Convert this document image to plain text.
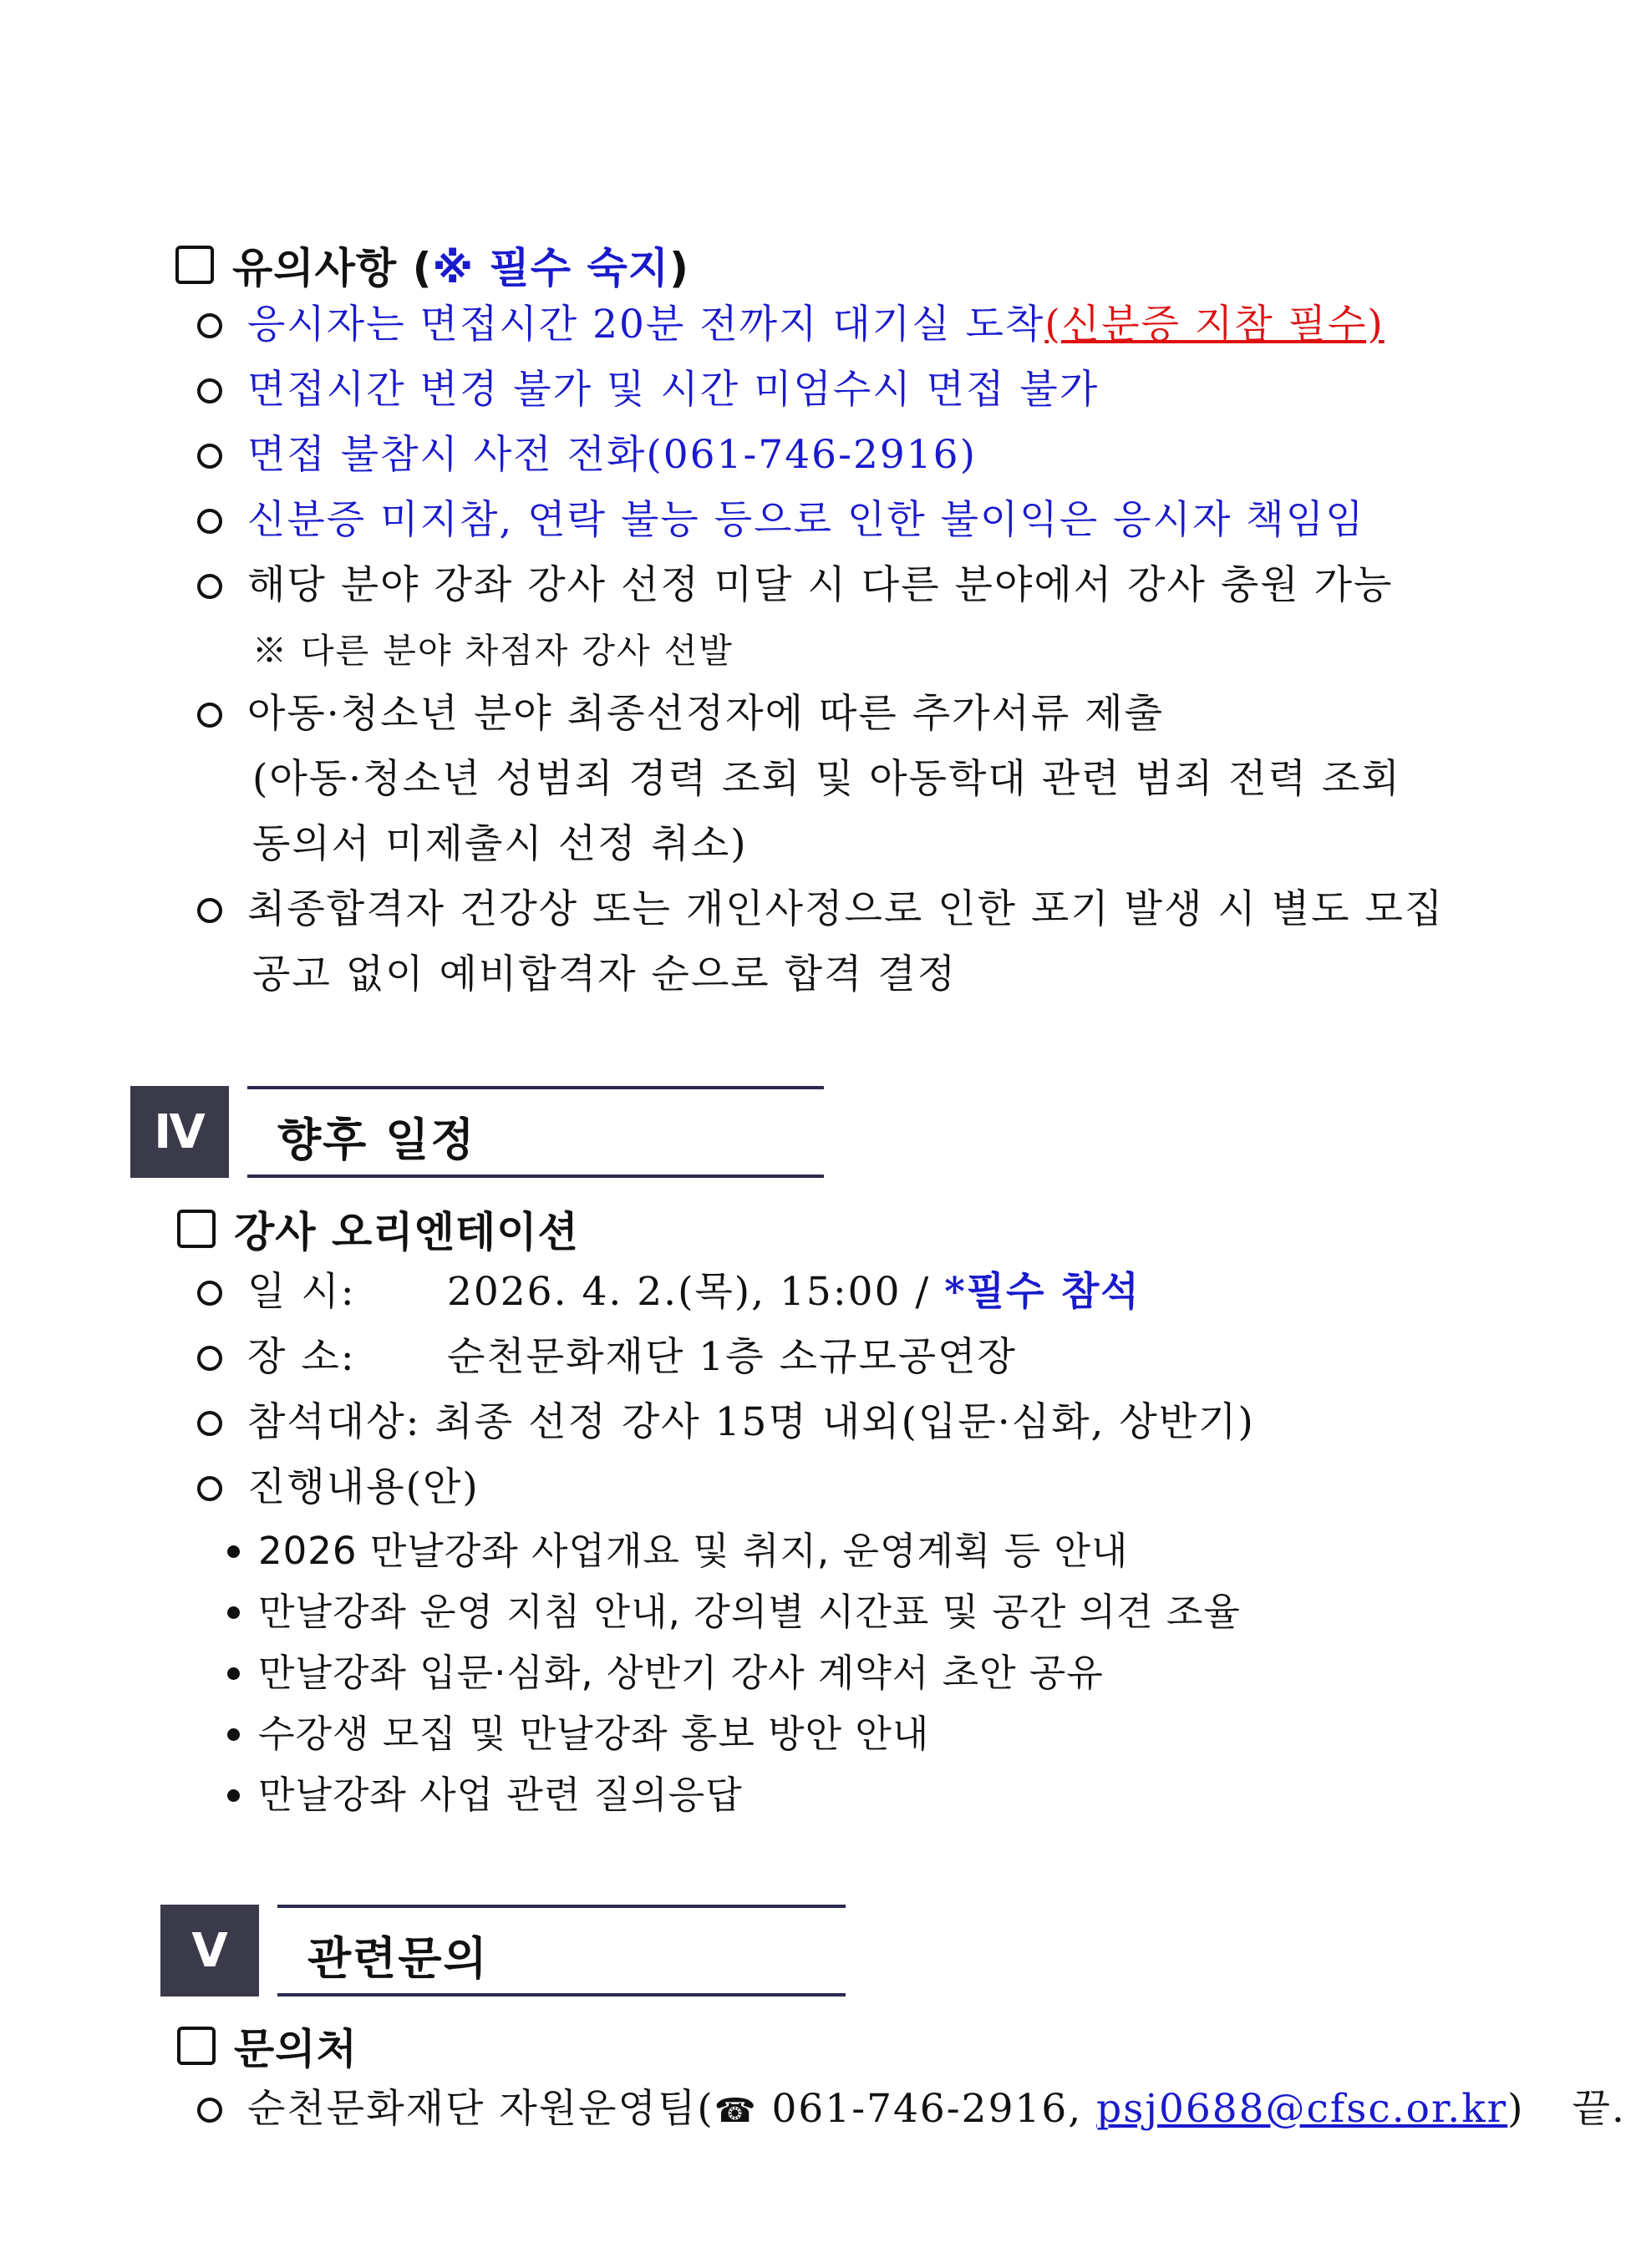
유의사항 (※ 필수 숙지)
응시자는 면접시간 20분 전까지 대기실 도착(신분증 지참 필수)
면접시간 변경 불가 및 시간 미엄수시 면접 불가
면접 불참시 사전 전화(061-746-2916)
신분증 미지참, 연락 불능 등으로 인한 불이익은 응시자 책임임
해당 분야 강좌 강사 선정 미달 시 다른 분야에서 강사 충원 가능
※ 다른 분야 차점자 강사 선발
아동·청소년 분야 최종선정자에 따른 추가서류 제출
(아동·청소년 성범죄 경력 조회 및 아동학대 관련 범죄 전력 조회
동의서 미제출시 선정 취소)
최종합격자 건강상 또는 개인사정으로 인한 포기 발생 시 별도 모집
공고 없이 예비합격자 순으로 합격 결정
Ⅳ	향후 일정
강사 오리엔테이션
일 시: 2026. 4. 2.(목), 15:00 / *필수 참석
장 소: 순천문화재단 1층 소규모공연장
참석대상: 최종 선정 강사 15명 내외(입문·심화, 상반기)
진행내용(안)
2026 만날강좌 사업개요 및 취지, 운영계획 등 안내
만날강좌 운영 지침 안내, 강의별 시간표 및 공간 의견 조율
만날강좌 입문·심화, 상반기 강사 계약서 초안 공유
수강생 모집 및 만날강좌 홍보 방안 안내
만날강좌 사업 관련 질의응답
Ⅴ	관련문의
문의처
순천문화재단 자원운영팀(☎ 061-746-2916, psj0688@cfsc.or.kr) 끝.
